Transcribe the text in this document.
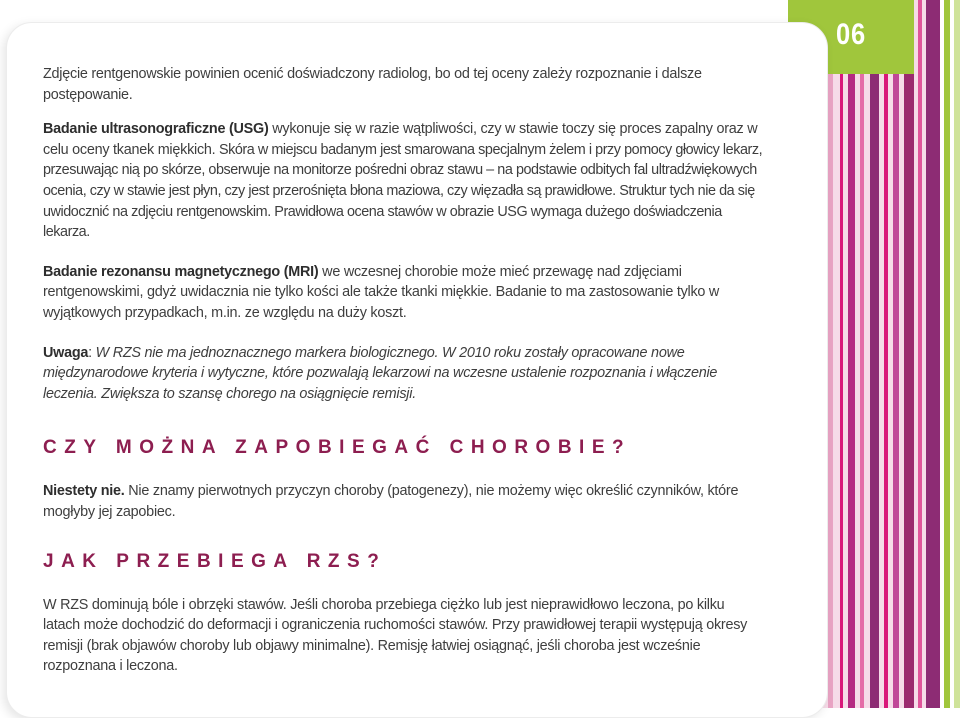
06

Zdjęcie rentgenowskie powinien ocenić doświadczony radiolog, bo od tej oceny zależy rozpoznanie i dalsze postępowanie.

Badanie ultrasonograficzne (USG) wykonuje się w razie wątpliwości, czy w stawie toczy się proces zapalny oraz w celu oceny tkanek miękkich. Skóra w miejscu badanym jest smarowana specjalnym żelem i przy pomocy głowicy lekarz, przesuwając nią po skórze, obserwuje na monitorze pośredni obraz stawu – na podstawie odbitych fal ultradźwiękowych ocenia, czy w stawie jest płyn, czy jest przerośnięta błona maziowa, czy więzadła są prawidłowe. Struktur tych nie da się uwidocznić na zdjęciu rentgenowskim. Prawidłowa ocena stawów w obrazie USG wymaga dużego doświadczenia lekarza.

Badanie rezonansu magnetycznego (MRI) we wczesnej chorobie może mieć przewagę nad zdjęciami rentgenowskimi, gdyż uwidacznia nie tylko kości ale także tkanki miękkie. Badanie to ma zastosowanie tylko w wyjątkowych przypadkach, m.in. ze względu na duży koszt.

Uwaga: W RZS nie ma jednoznacznego markera biologicznego. W 2010 roku zostały opracowane nowe międzynarodowe kryteria i wytyczne, które pozwalają lekarzowi na wczesne ustalenie rozpoznania i włączenie leczenia. Zwiększa to szansę chorego na osiągnięcie remisji.

CZY MOŻNA ZAPOBIEGAĆ CHOROBIE?

Niestety nie. Nie znamy pierwotnych przyczyn choroby (patogenezy), nie możemy więc określić czynników, które mogłyby jej zapobiec.

JAK PRZEBIEGA RZS?

W RZS dominują bóle i obrzęki stawów. Jeśli choroba przebiega ciężko lub jest nieprawidłowo leczona, po kilku latach może dochodzić do deformacji i ograniczenia ruchomości stawów. Przy prawidłowej terapii występują okresy remisji (brak objawów choroby lub objawy minimalne). Remisję łatwiej osiągnąć, jeśli choroba jest wcześnie rozpoznana i leczona.
